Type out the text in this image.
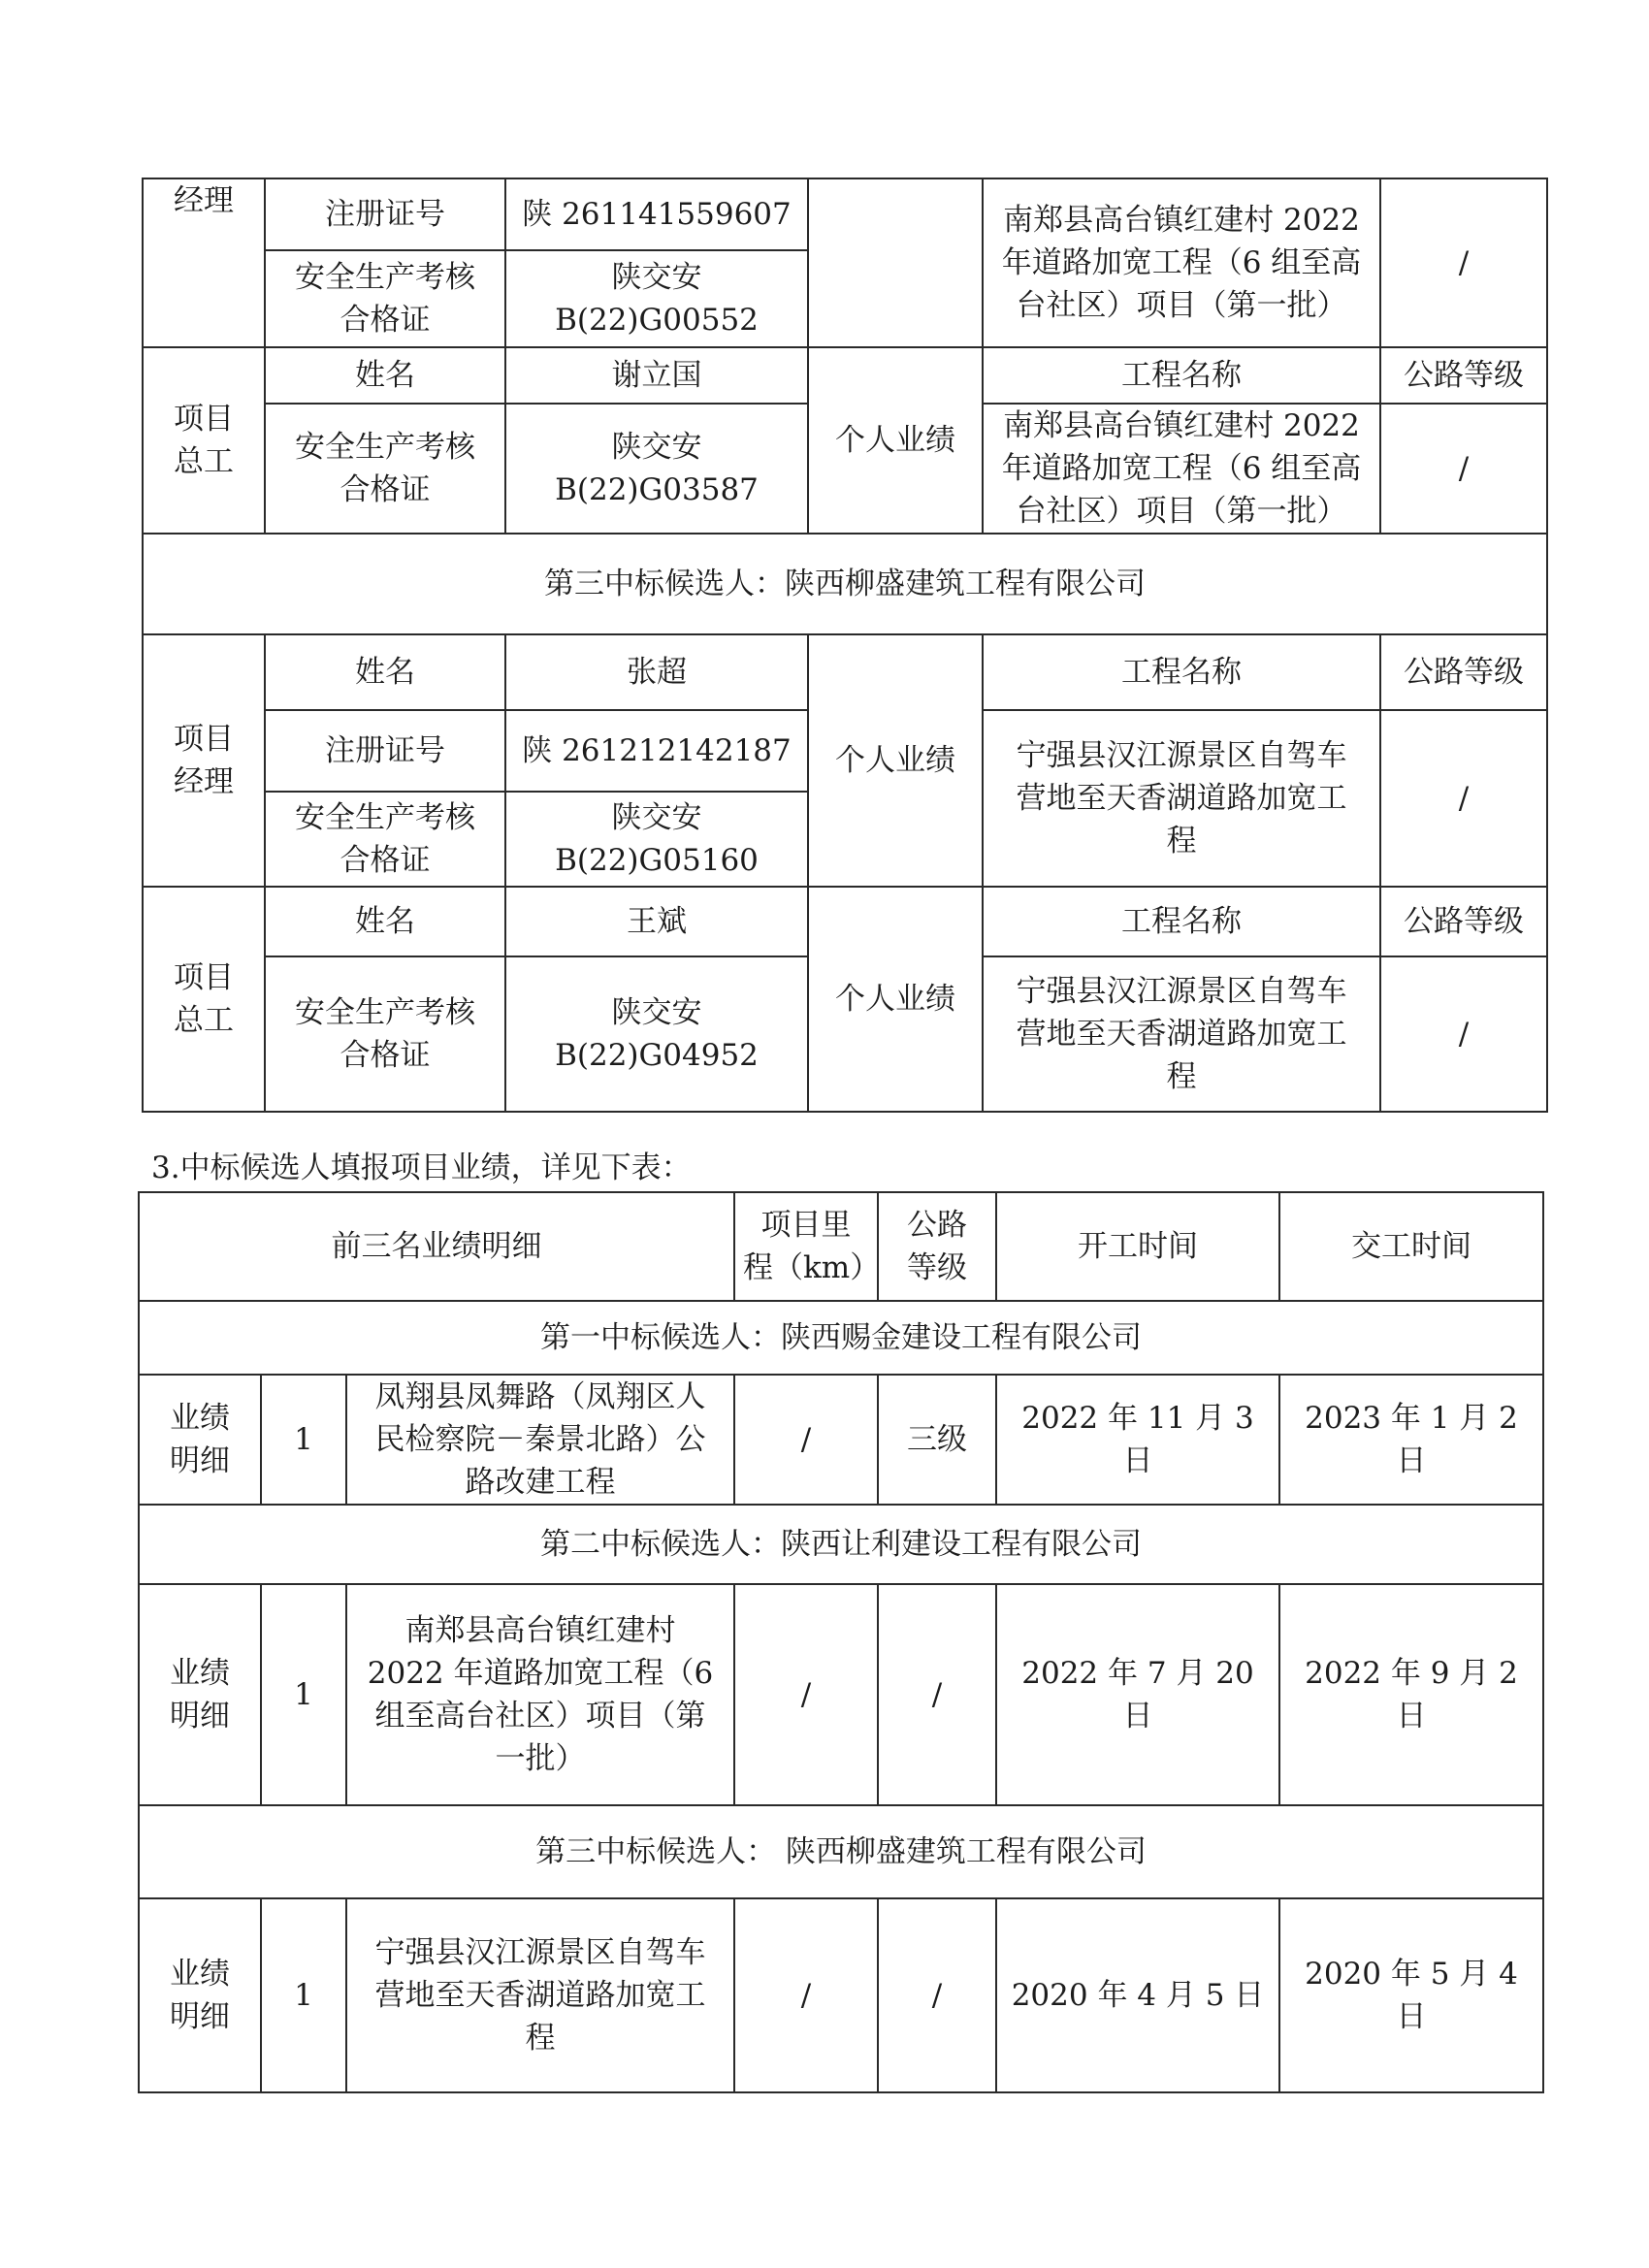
经理	注册证号	陕 261141559607		南郑县高台镇红建村 2022
年道路加宽工程（6 组至高
台社区）项目（第一批）	/

	安全生产考核
合格证	陕交安
B(22)G00552			

项目
总工	姓名	谢立国	个人业绩	工程名称	公路等级

	安全生产考核
合格证	陕交安
B(22)G03587		南郑县高台镇红建村 2022
年道路加宽工程（6 组至高
台社区）项目（第一批）	/
第三中标候选人：陕西柳盛建筑工程有限公司					

项目
经理	姓名	张超	个人业绩	工程名称	公路等级
	注册证号	陕 261212142187		宁强县汉江源景区自驾车
营地至天香湖道路加宽工
程	/

	安全生产考核
合格证	陕交安
B(22)G05160			

项目
总工	姓名	王斌	个人业绩	工程名称	公路等级

	安全生产考核
合格证	陕交安
B(22)G04952		宁强县汉江源景区自驾车
营地至天香湖道路加宽工
程	/
3.中标候选人填报项目业绩，详见下表：
前三名业绩明细			项目里
程（km）	公路
等级	开工时间	交工时间
第一中标候选人：陕西赐金建设工程有限公司						

业绩
明细	1	凤翔县凤舞路（凤翔区人
民检察院－秦景北路）公
路改建工程	/	三级	2022 年 11 月 3 日	2023 年 1 月 2 日
第二中标候选人：陕西让利建设工程有限公司						

业绩
明细	1	南郑县高台镇红建村
2022 年道路加宽工程（6
组至高台社区）项目（第
一批）	/	/	2022 年 7 月 20 日	2022 年 9 月 2 日
第三中标候选人： 陕西柳盛建筑工程有限公司						

业绩
明细	1	宁强县汉江源景区自驾车
营地至天香湖道路加宽工
程	/	/	2020 年 4 月 5 日	2020 年 5 月 4 日
